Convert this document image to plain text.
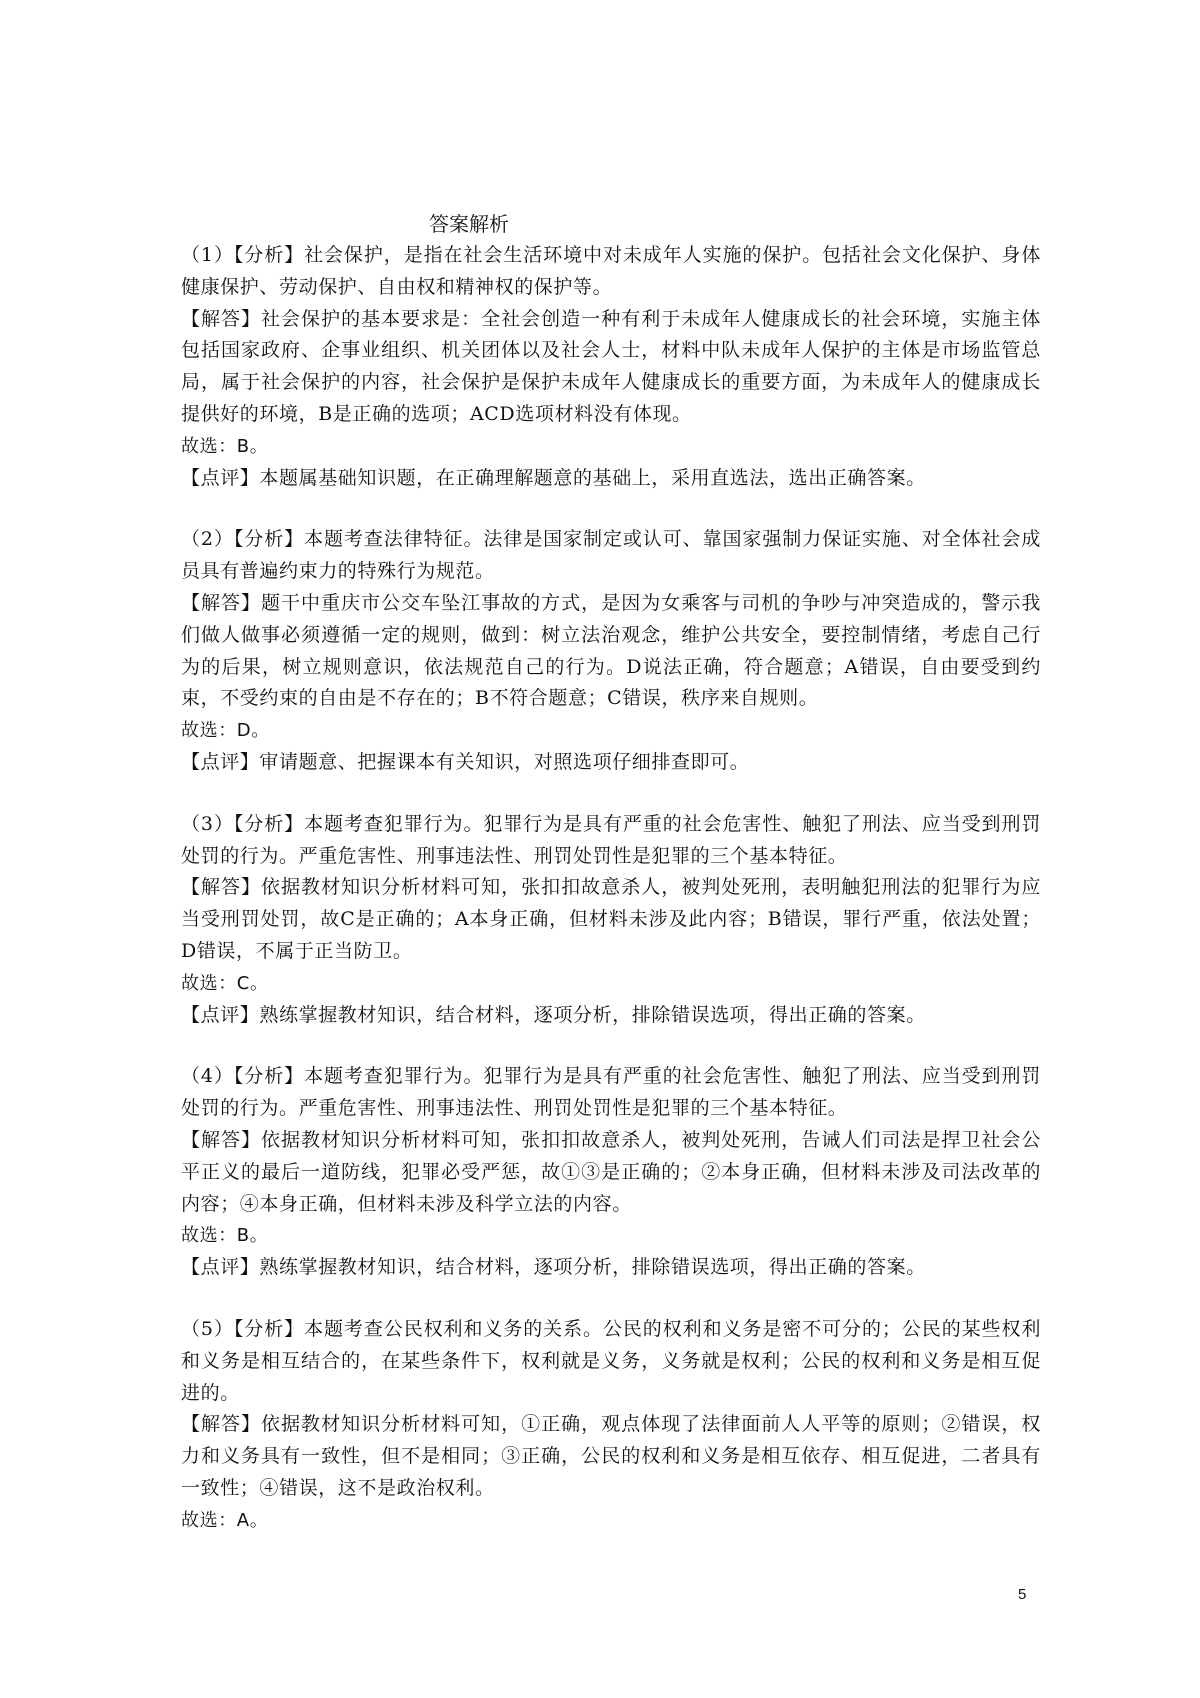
答案解析

（1）【分析】社会保护，是指在社会生活环境中对未成年人实施的保护。包括社会文化保护、身体健康保护、劳动保护、自由权和精神权的保护等。

【解答】社会保护的基本要求是：全社会创造一种有利于未成年人健康成长的社会环境，实施主体包括国家政府、企事业组织、机关团体以及社会人士，材料中队未成年人保护的主体是市场监管总局，属于社会保护的内容，社会保护是保护未成年人健康成长的重要方面，为未成年人的健康成长提供好的环境，B是正确的选项；ACD选项材料没有体现。

故选：B。

【点评】本题属基础知识题，在正确理解题意的基础上，采用直选法，选出正确答案。

（2）【分析】本题考查法律特征。法律是国家制定或认可、靠国家强制力保证实施、对全体社会成员具有普遍约束力的特殊行为规范。

【解答】题干中重庆市公交车坠江事故的方式，是因为女乘客与司机的争吵与冲突造成的，警示我们做人做事必须遵循一定的规则，做到：树立法治观念，维护公共安全，要控制情绪，考虑自己行为的后果，树立规则意识，依法规范自己的行为。D说法正确，符合题意；A错误，自由要受到约束，不受约束的自由是不存在的；B不符合题意；C错误，秩序来自规则。

故选：D。

【点评】审请题意、把握课本有关知识，对照选项仔细排查即可。

（3）【分析】本题考查犯罪行为。犯罪行为是具有严重的社会危害性、触犯了刑法、应当受到刑罚处罚的行为。严重危害性、刑事违法性、刑罚处罚性是犯罪的三个基本特征。

【解答】依据教材知识分析材料可知，张扣扣故意杀人，被判处死刑，表明触犯刑法的犯罪行为应当受刑罚处罚，故C是正确的；A本身正确，但材料未涉及此内容；B错误，罪行严重，依法处置；D错误，不属于正当防卫。

故选：C。

【点评】熟练掌握教材知识，结合材料，逐项分析，排除错误选项，得出正确的答案。

（4）【分析】本题考查犯罪行为。犯罪行为是具有严重的社会危害性、触犯了刑法、应当受到刑罚处罚的行为。严重危害性、刑事违法性、刑罚处罚性是犯罪的三个基本特征。

【解答】依据教材知识分析材料可知，张扣扣故意杀人，被判处死刑，告诫人们司法是捍卫社会公平正义的最后一道防线，犯罪必受严惩，故①③是正确的；②本身正确，但材料未涉及司法改革的内容；④本身正确，但材料未涉及科学立法的内容。

故选：B。

【点评】熟练掌握教材知识，结合材料，逐项分析，排除错误选项，得出正确的答案。

（5）【分析】本题考查公民权利和义务的关系。公民的权利和义务是密不可分的；公民的某些权利和义务是相互结合的，在某些条件下，权利就是义务，义务就是权利；公民的权利和义务是相互促进的。

【解答】依据教材知识分析材料可知，①正确，观点体现了法律面前人人平等的原则；②错误，权力和义务具有一致性，但不是相同；③正确，公民的权利和义务是相互依存、相互促进，二者具有一致性；④错误，这不是政治权利。

故选：A。

5
